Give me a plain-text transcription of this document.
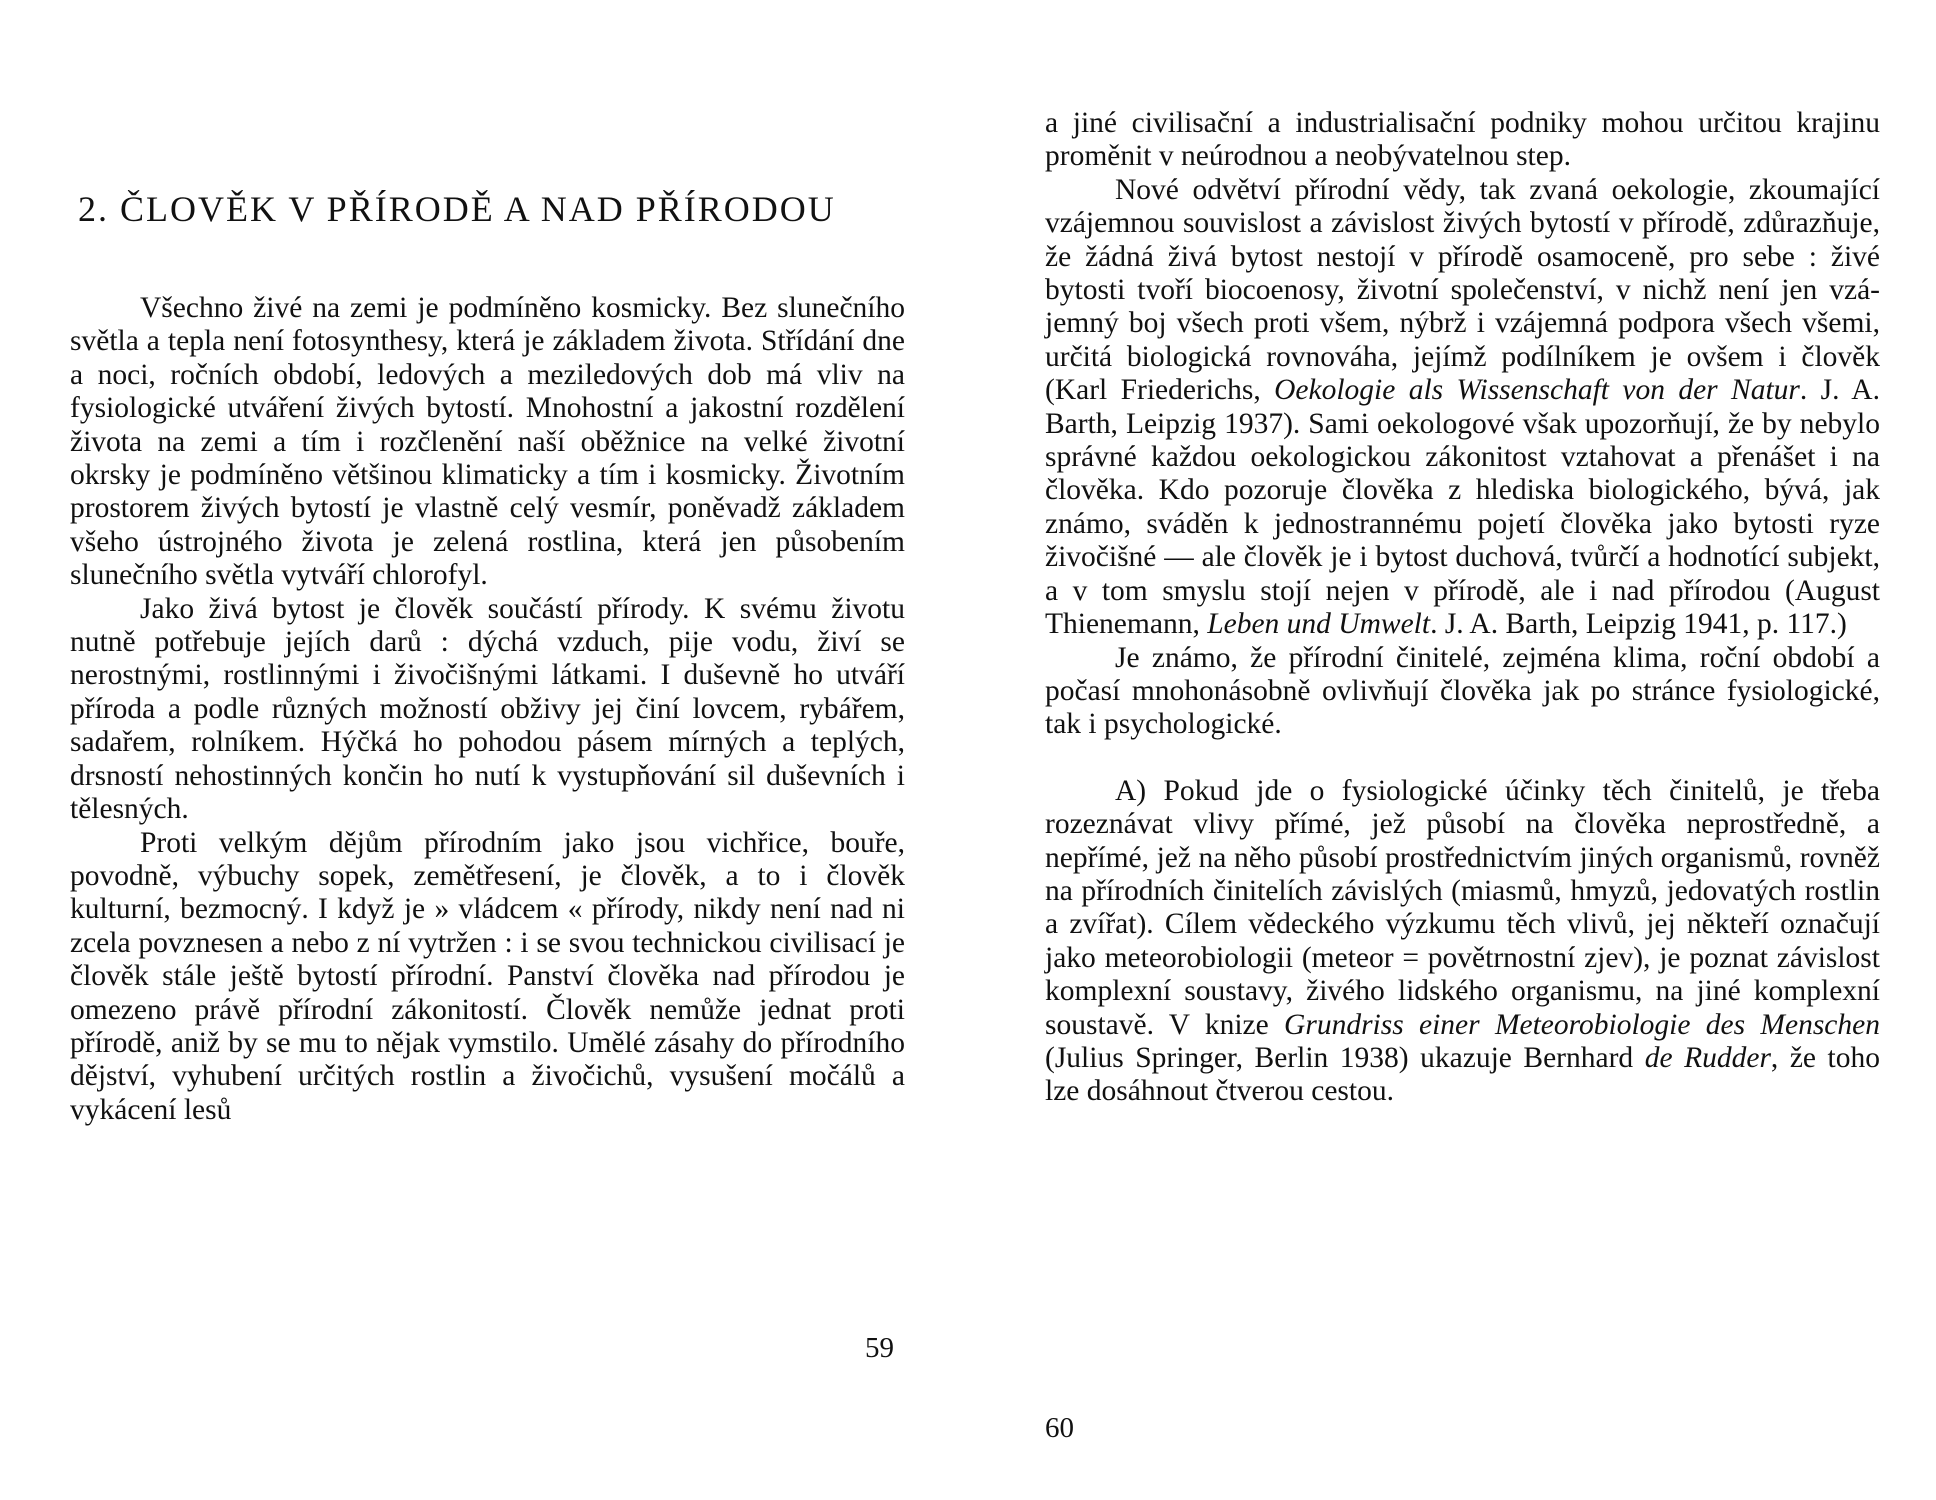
2. ČLOVĚK V PŘÍRODĚ A NAD PŘÍRODOU

Všechno živé na zemi je podmíněno kosmicky. Bez slunečního světla a tepla není fotosynthesy, která je základem života. Střídání dne a noci, ročních období, ledových a meziledových dob má vliv na fysiologické utváření živých bytostí. Mnohostní a jakostní rozdělení života na zemi a tím i rozčlenění naší oběžnice na velké životní okrsky je podmíněno většinou klimaticky a tím i kosmicky. Životním prostorem živých bytostí je vlastně celý vesmír, poněvadž základem všeho ústrojného života je zelená rostlina, která jen působením slunečního světla vytváří chlorofyl.

Jako živá bytost je člověk součástí přírody. K svému životu nutně potřebuje jejích darů : dýchá vzduch, pije vodu, živí se nerostnými, rostlinnými i živočišnými látkami. I duševně ho utváří příroda a podle různých možností obživy jej činí lovcem, rybářem, sadařem, rolníkem. Hýčká ho pohodou pásem mírných a teplých, drsností nehostinných končin ho nutí k vystupňování sil duševních i tělesných.

Proti velkým dějům přírodním jako jsou vichřice, bouře, povodně, výbuchy sopek, zemětřesení, je člověk, a to i člověk kulturní, bezmocný. I když je » vládcem « přírody, nikdy není nad ni zcela povznesen a nebo z ní vytržen : i se svou technickou civilisací je člověk stále ještě bytostí přírodní. Panství člověka nad přírodou je omezeno právě přírodní zákonitostí. Člověk nemůže jednat proti přírodě, aniž by se mu to nějak vymstilo. Umělé zásahy do přírodního dějství, vyhubení určitých rostlin a živočichů, vysušení močálů a vykácení lesů

59

a jiné civilisační a industrialisační podniky mohou určitou krajinu proměnit v neúrodnou a neobývatelnou step.

Nové odvětví přírodní vědy, tak zvaná oekologie, zkoumající vzájemnou souvislost a závislost živých bytostí v přírodě, zdůrazňuje, že žádná živá bytost nestojí v přírodě osamoceně, pro sebe : živé bytosti tvoří biocoenosy, životní společenství, v nichž není jen vzájemný boj všech proti všem, nýbrž i vzájemná podpora všech všemi, určitá biologická rovnováha, jejímž podílníkem je ovšem i člověk (Karl Friederichs, Oekologie als Wissenschaft von der Natur. J. A. Barth, Leipzig 1937). Sami oekologové však upozorňují, že by nebylo správné každou oekologickou zákonitost vztahovat a přenášet i na člověka. Kdo pozoruje člověka z hlediska biologického, bývá, jak známo, sváděn k jednostrannému pojetí člověka jako bytosti ryze živočišné — ale člověk je i bytost duchová, tvůrčí a hodnotící subjekt, a v tom smyslu stojí nejen v přírodě, ale i nad přírodou (August Thienemann, Leben und Umwelt. J. A. Barth, Leipzig 1941, p. 117.)

Je známo, že přírodní činitelé, zejména klima, roční období a počasí mnohonásobně ovlivňují člověka jak po stránce fysiologické, tak i psychologické.

A) Pokud jde o fysiologické účinky těch činitelů, je třeba rozeznávat vlivy přímé, jež působí na člověka neprostředně, a nepřímé, jež na něho působí prostřednictvím jiných organismů, rovněž na přírodních činitelích závislých (miasmů, hmyzů, jedovatých rostlin a zvířat). Cílem vědeckého výzkumu těch vlivů, jej někteří označují jako meteorobiologii (meteor = povětrnostní zjev), je poznat závislost komplexní soustavy, živého lidského organismu, na jiné komplexní soustavě. V knize Grundriss einer Meteorobiologie des Menschen (Julius Springer, Berlin 1938) ukazuje Bernhard de Rudder, že toho lze dosáhnout čtverou cestou.

60
